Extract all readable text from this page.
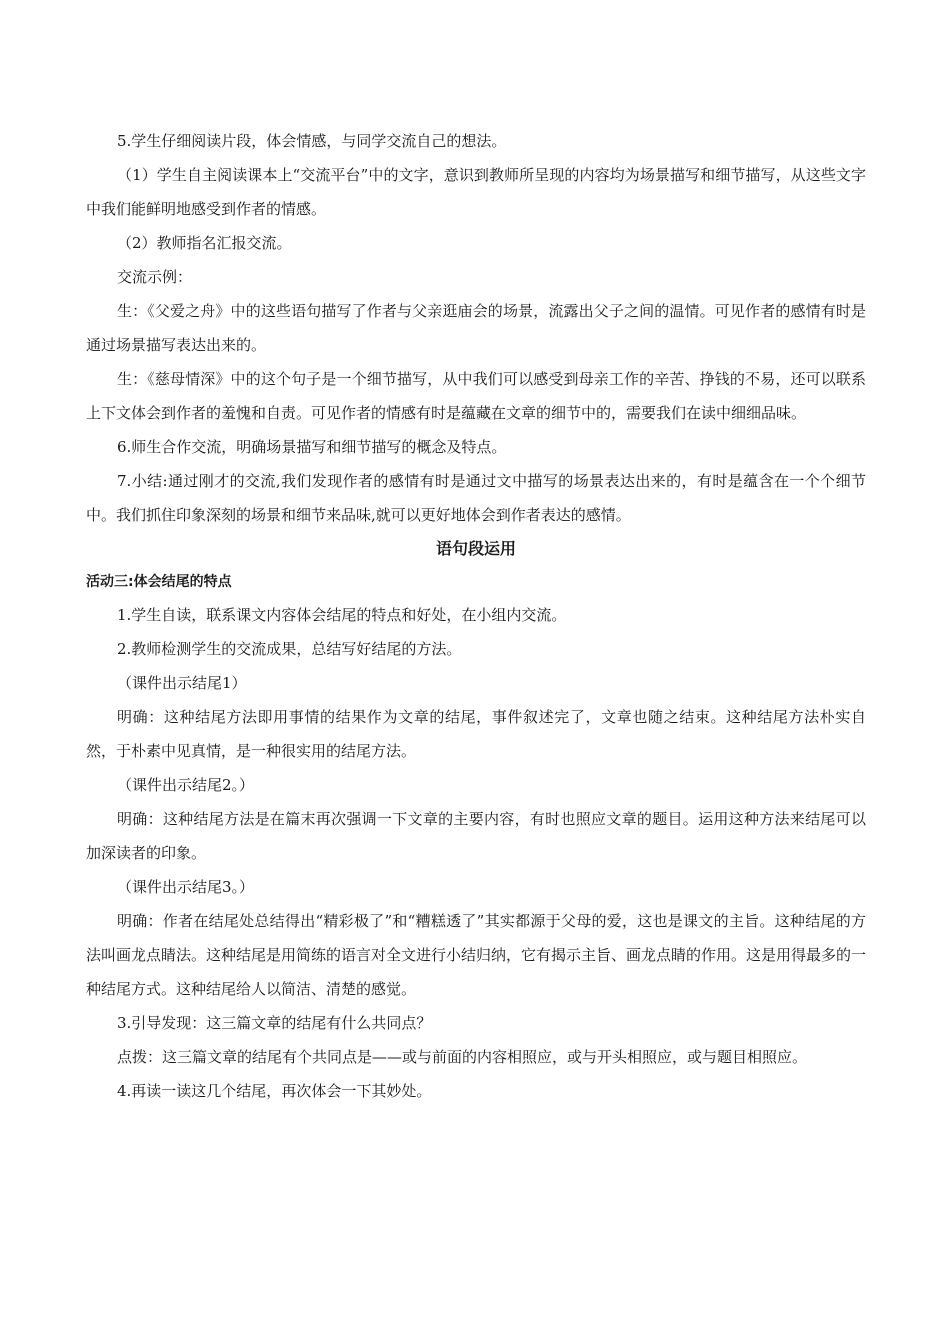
5.学生仔细阅读片段，体会情感，与同学交流自己的想法。

（1）学生自主阅读课本上“交流平台”中的文字，意识到教师所呈现的内容均为场景描写和细节描写，从这些文字中我们能鲜明地感受到作者的情感。

（2）教师指名汇报交流。

交流示例：

生：《父爱之舟》中的这些语句描写了作者与父亲逛庙会的场景，流露出父子之间的温情。可见作者的感情有时是通过场景描写表达出来的。

生：《慈母情深》中的这个句子是一个细节描写，从中我们可以感受到母亲工作的辛苦、挣钱的不易，还可以联系上下文体会到作者的羞愧和自责。可见作者的情感有时是蕴藏在文章的细节中的，需要我们在读中细细品味。

6.师生合作交流，明确场景描写和细节描写的概念及特点。

7.小结:通过刚才的交流,我们发现作者的感情有时是通过文中描写的场景表达出来的，有时是蕴含在一个个细节中。我们抓住印象深刻的场景和细节来品味,就可以更好地体会到作者表达的感情。

语句段运用
活动三:体会结尾的特点

1.学生自读，联系课文内容体会结尾的特点和好处，在小组内交流。

2.教师检测学生的交流成果，总结写好结尾的方法。

（课件出示结尾1）

明确：这种结尾方法即用事情的结果作为文章的结尾，事件叙述完了，文章也随之结束。这种结尾方法朴实自然，于朴素中见真情，是一种很实用的结尾方法。

（课件出示结尾2。）

明确：这种结尾方法是在篇末再次强调一下文章的主要内容，有时也照应文章的题目。运用这种方法来结尾可以加深读者的印象。

（课件出示结尾3。）

明确：作者在结尾处总结得出“精彩极了”和“糟糕透了”其实都源于父母的爱，这也是课文的主旨。这种结尾的方法叫画龙点睛法。这种结尾是用简练的语言对全文进行小结归纳，它有揭示主旨、画龙点睛的作用。这是用得最多的一种结尾方式。这种结尾给人以简洁、清楚的感觉。

3.引导发现：这三篇文章的结尾有什么共同点？

点拨：这三篇文章的结尾有个共同点是——或与前面的内容相照应，或与开头相照应，或与题目相照应。

4.再读一读这几个结尾，再次体会一下其妙处。
